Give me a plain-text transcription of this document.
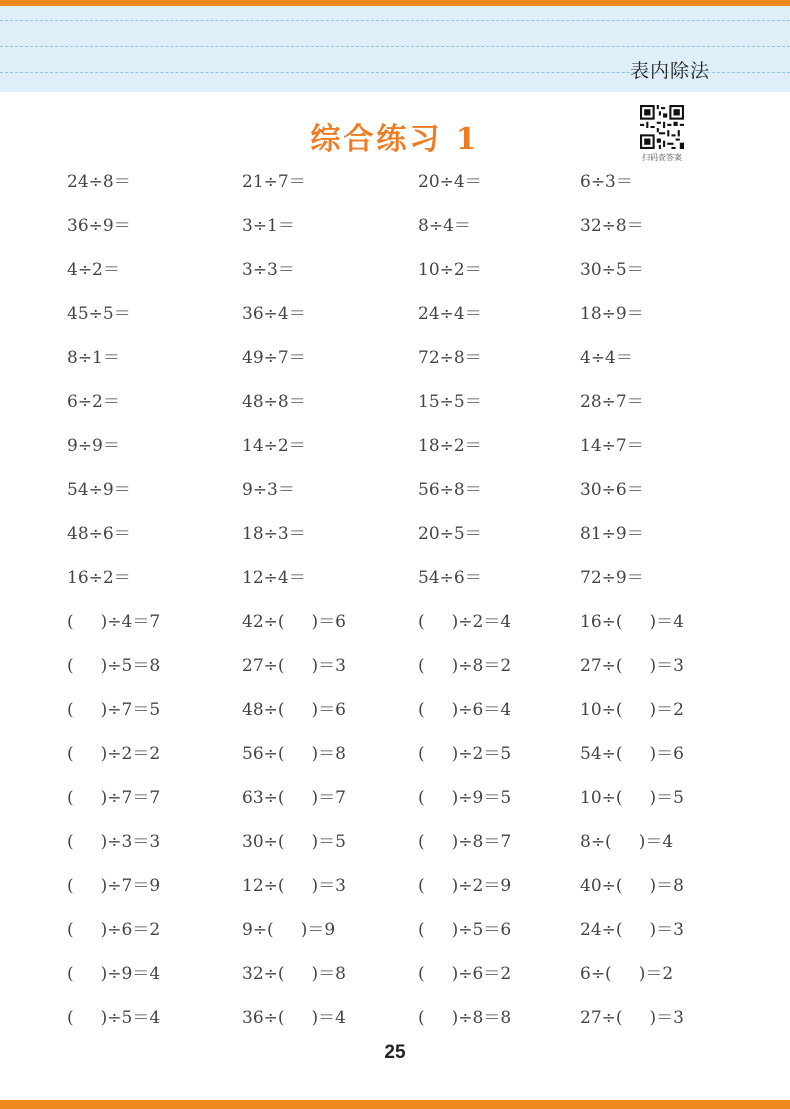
表内除法
综合练习 1
扫码查答案
24÷8＝	21÷7＝	20÷4＝	6÷3＝
36÷9＝	3÷1＝	8÷4＝	32÷8＝
4÷2＝	3÷3＝	10÷2＝	30÷5＝
45÷5＝	36÷4＝	24÷4＝	18÷9＝
8÷1＝	49÷7＝	72÷8＝	4÷4＝
6÷2＝	48÷8＝	15÷5＝	28÷7＝
9÷9＝	14÷2＝	18÷2＝	14÷7＝
54÷9＝	9÷3＝	56÷8＝	30÷6＝
48÷6＝	18÷3＝	20÷5＝	81÷9＝
16÷2＝	12÷4＝	54÷6＝	72÷9＝
(     )÷4＝7	42÷(     )＝6	(     )÷2＝4	16÷(     )＝4
(     )÷5＝8	27÷(     )＝3	(     )÷8＝2	27÷(     )＝3
(     )÷7＝5	48÷(     )＝6	(     )÷6＝4	10÷(     )＝2
(     )÷2＝2	56÷(     )＝8	(     )÷2＝5	54÷(     )＝6
(     )÷7＝7	63÷(     )＝7	(     )÷9＝5	10÷(     )＝5
(     )÷3＝3	30÷(     )＝5	(     )÷8＝7	8÷(     )＝4
(     )÷7＝9	12÷(     )＝3	(     )÷2＝9	40÷(     )＝8
(     )÷6＝2	9÷(     )＝9	(     )÷5＝6	24÷(     )＝3
(     )÷9＝4	32÷(     )＝8	(     )÷6＝2	6÷(     )＝2
(     )÷5＝4	36÷(     )＝4	(     )÷8＝8	27÷(     )＝3
25
